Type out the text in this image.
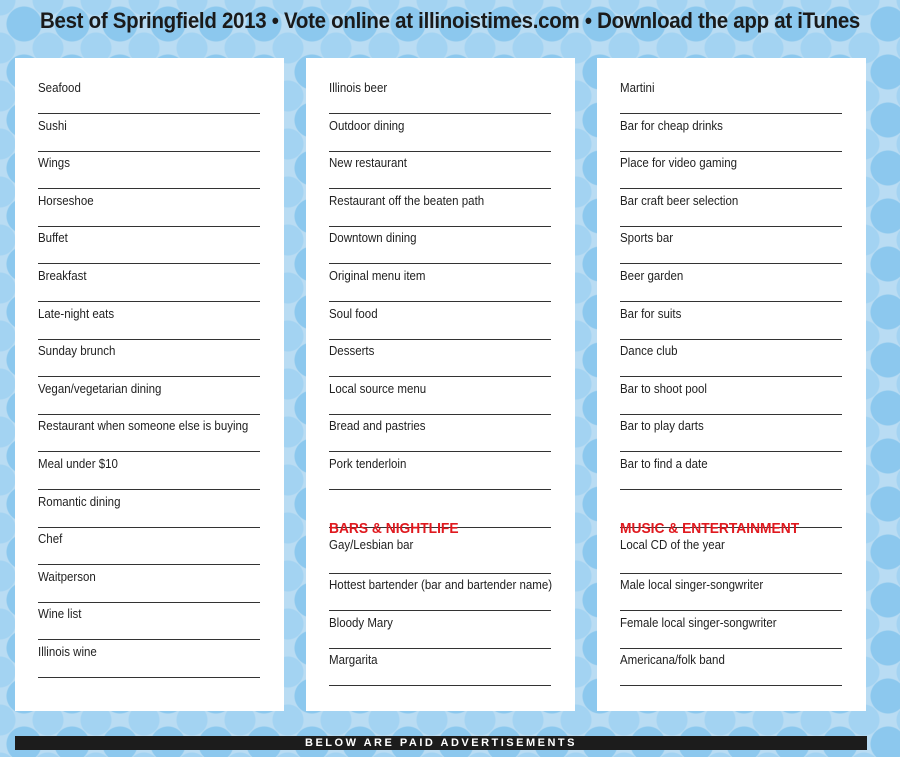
Best of Springfield 2013 • Vote online at illinoistimes.com • Download the app at iTunes
Seafood
Sushi
Wings
Horseshoe
Buffet
Breakfast
Late-night eats
Sunday brunch
Vegan/vegetarian dining
Restaurant when someone else is buying
Meal under $10
Romantic dining
Chef
Waitperson
Wine list
Illinois wine
Illinois beer
Outdoor dining
New restaurant
Restaurant off the beaten path
Downtown dining
Original menu item
Soul food
Desserts
Local source menu
Bread and pastries
Pork tenderloin
BARS & NIGHTLIFE
Gay/Lesbian bar
Hottest bartender (bar and bartender name)
Bloody Mary
Margarita
Martini
Bar for cheap drinks
Place for video gaming
Bar craft beer selection
Sports bar
Beer garden
Bar for suits
Dance club
Bar to shoot pool
Bar to play darts
Bar to find a date
MUSIC & ENTERTAINMENT
Local CD of the year
Male local singer-songwriter
Female local singer-songwriter
Americana/folk band
BELOW ARE PAID ADVERTISEMENTS
